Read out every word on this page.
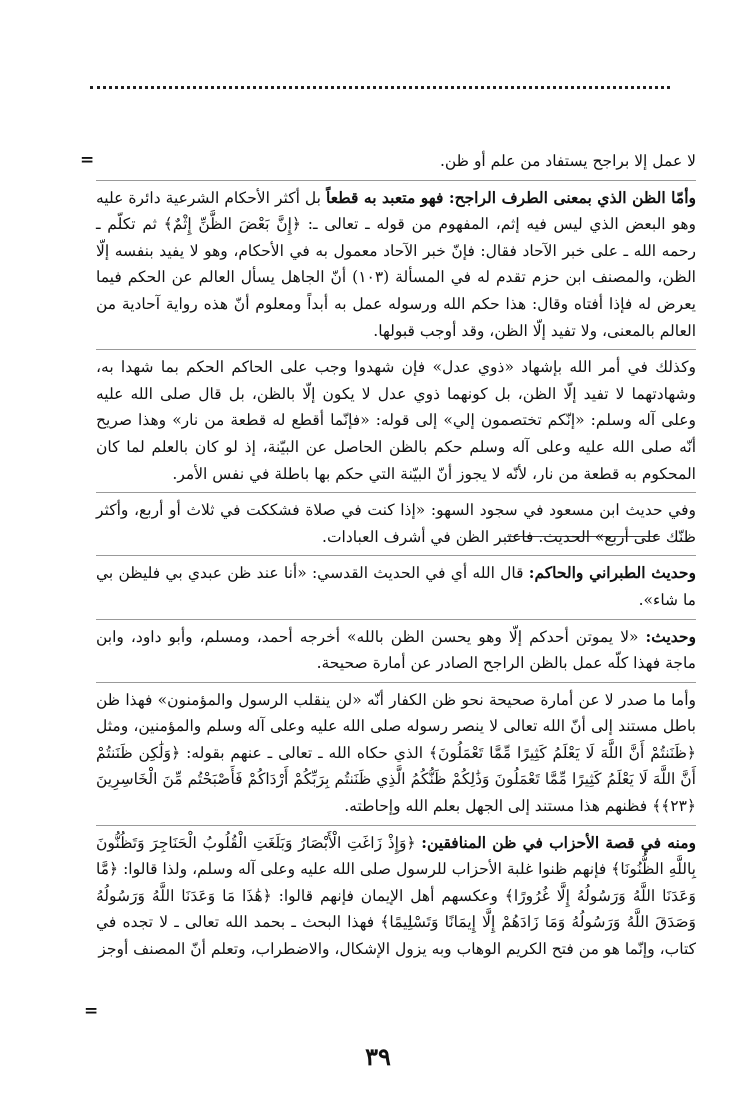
=	لا عمل إلا براجح يستفاد من علم أو ظن.

وأمّا الظن الذي بمعنى الطرف الراجح: فهو متعبد به قطعاً بل أكثر الأحكام الشرعية دائرة عليه وهو البعض الذي ليس فيه إثم، المفهوم من قوله ـ تعالى ـ: ﴿إِنَّ بَعْضَ الظَّنِّ إِثْمٌ﴾ ثم تكلّم ـ رحمه الله ـ على خبر الآحاد فقال: فإنّ خبر الآحاد معمول به في الأحكام، وهو لا يفيد بنفسه إلّا الظن، والمصنف ابن حزم تقدم له في المسألة (١٠٣) أنّ الجاهل يسأل العالم عن الحكم فيما يعرض له فإذا أفتاه وقال: هذا حكم الله ورسوله عمل به أبداً ومعلوم أنّ هذه رواية آحادية من العالم بالمعنى، ولا تفيد إلّا الظن، وقد أوجب قبولها.

وكذلك في أمر الله بإشهاد «ذوي عدل» فإن شهدوا وجب على الحاكم الحكم بما شهدا به، وشهادتهما لا تفيد إلّا الظن، بل كونهما ذوي عدل لا يكون إلّا بالظن، بل قال صلى الله عليه وعلى آله وسلم: «إنّكم تختصمون إلي» إلى قوله: «فإنّما أقطع له قطعة من نار» وهذا صريح أنّه صلى الله عليه وعلى آله وسلم حكم بالظن الحاصل عن البيّنة، إذ لو كان بالعلم لما كان المحكوم به قطعة من نار، لأنّه لا يجوز أنّ البيّنة التي حكم بها باطلة في نفس الأمر.

وفي حديث ابن مسعود في سجود السهو: «إذا كنت في صلاة فشككت في ثلاث أو أربع، وأكثر ظنّك على أربع» الحديث. فاعتبر الظن في أشرف العبادات.

وحديث الطبراني والحاكم: قال الله أي في الحديث القدسي: «أنا عند ظن عبدي بي فليظن بي ما شاء».

وحديث: «لا يموتن أحدكم إلّا وهو يحسن الظن بالله» أخرجه أحمد، ومسلم، وأبو داود، وابن ماجة فهذا كلّه عمل بالظن الراجح الصادر عن أمارة صحيحة.

وأما ما صدر لا عن أمارة صحيحة نحو ظن الكفار أنّه «لن ينقلب الرسول والمؤمنون» فهذا ظن باطل مستند إلى أنّ الله تعالى لا ينصر رسوله صلى الله عليه وعلى آله وسلم والمؤمنين، ومثل ﴿ظَنَنتُمْ أَنَّ اللَّهَ لَا يَعْلَمُ كَثِيرًا مِّمَّا تَعْمَلُونَ﴾ الذي حكاه الله ـ تعالى ـ عنهم بقوله: ﴿وَلَٰكِن ظَنَنتُمْ أَنَّ اللَّهَ لَا يَعْلَمُ كَثِيرًا مِّمَّا تَعْمَلُونَ وَذَٰلِكُمْ ظَنُّكُمُ الَّذِي ظَنَنتُم بِرَبِّكُمْ أَرْدَاكُمْ فَأَصْبَحْتُم مِّنَ الْخَاسِرِينَ ﴿٢٣﴾﴾ فظنهم هذا مستند إلى الجهل بعلم الله وإحاطته.

ومنه في قصة الأحزاب في ظن المنافقين: ﴿وَإِذْ زَاغَتِ الْأَبْصَارُ وَبَلَغَتِ الْقُلُوبُ الْحَنَاجِرَ وَتَظُنُّونَ بِاللَّهِ الظُّنُونَا﴾ فإنهم ظنوا غلبة الأحزاب للرسول صلى الله عليه وعلى آله وسلم، ولذا قالوا: ﴿مَّا وَعَدَنَا اللَّهُ وَرَسُولُهُ إِلَّا غُرُورًا﴾ وعكسهم أهل الإيمان فإنهم قالوا: ﴿هَٰذَا مَا وَعَدَنَا اللَّهُ وَرَسُولُهُ وَصَدَقَ اللَّهُ وَرَسُولُهُ وَمَا زَادَهُمْ إِلَّا إِيمَانًا وَتَسْلِيمًا﴾ فهذا البحث ـ بحمد الله تعالى ـ لا تجده في كتاب، وإنّما هو من فتح الكريم الوهاب وبه يزول الإشكال، والاضطراب، وتعلم أنّ المصنف أوجز

=
٣٩
